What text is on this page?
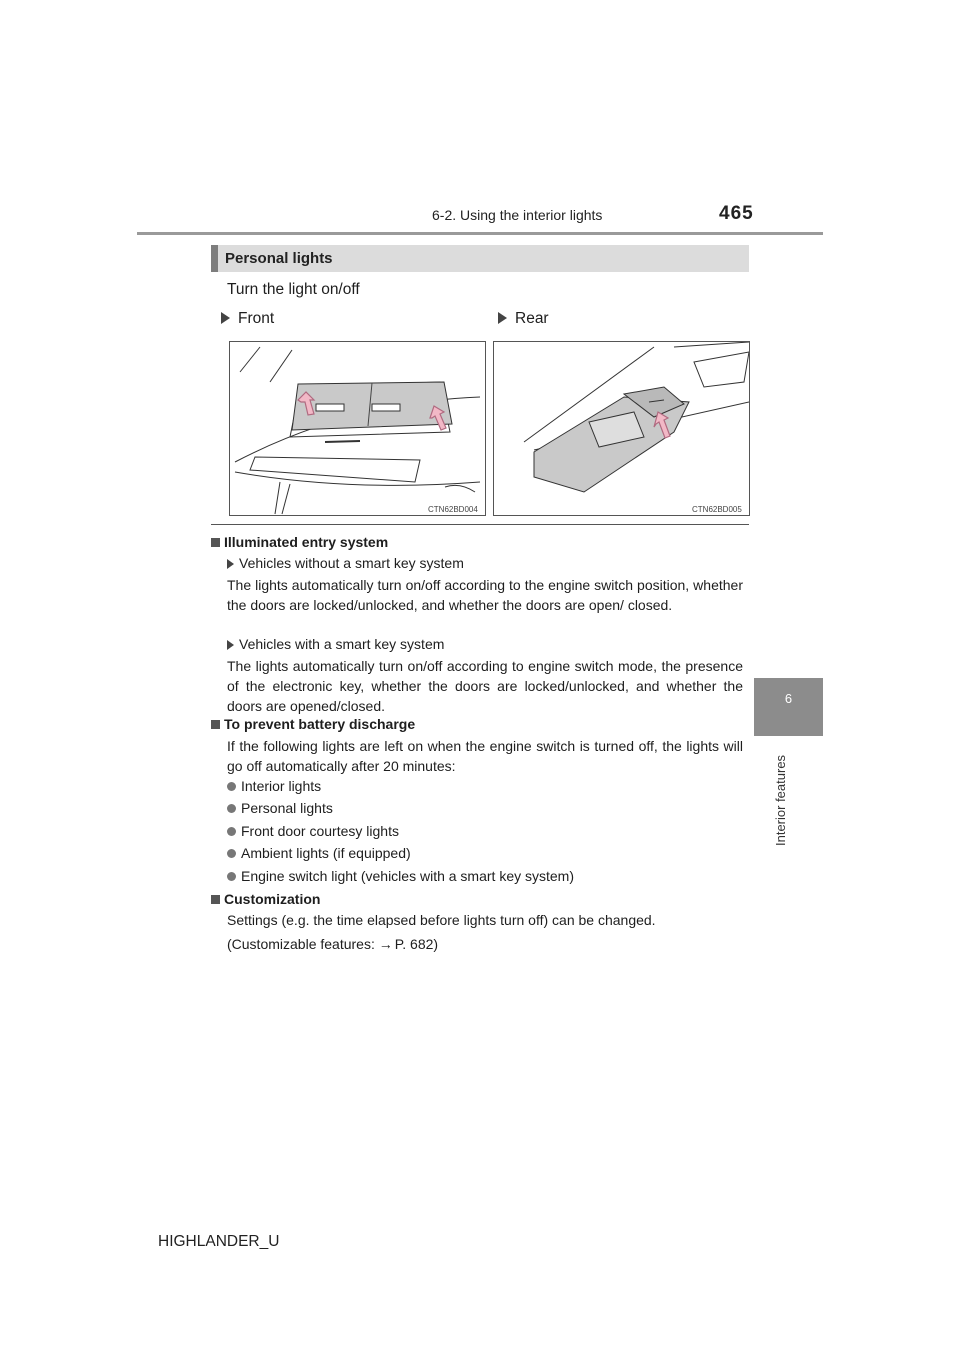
6-2. Using the interior lights	465
6
Interior features
Personal lights
Turn the light on/off
Front	Rear
CTN62BD004	CTN62BD005
Illuminated entry system
Vehicles without a smart key system
The lights automatically turn on/off according to the engine switch position, whether the doors are locked/unlocked, and whether the doors are open/ closed.
Vehicles with a smart key system
The lights automatically turn on/off according to engine switch mode, the presence of the electronic key, whether the doors are locked/unlocked, and whether the doors are opened/closed.
To prevent battery discharge
If the following lights are left on when the engine switch is turned off, the lights will go off automatically after 20 minutes:
Interior lights
Personal lights
Front door courtesy lights
Ambient lights (if equipped)
Engine switch light (vehicles with a smart key system)
Customization
Settings (e.g. the time elapsed before lights turn off) can be changed.
(Customizable features: → P. 682)
HIGHLANDER_U
